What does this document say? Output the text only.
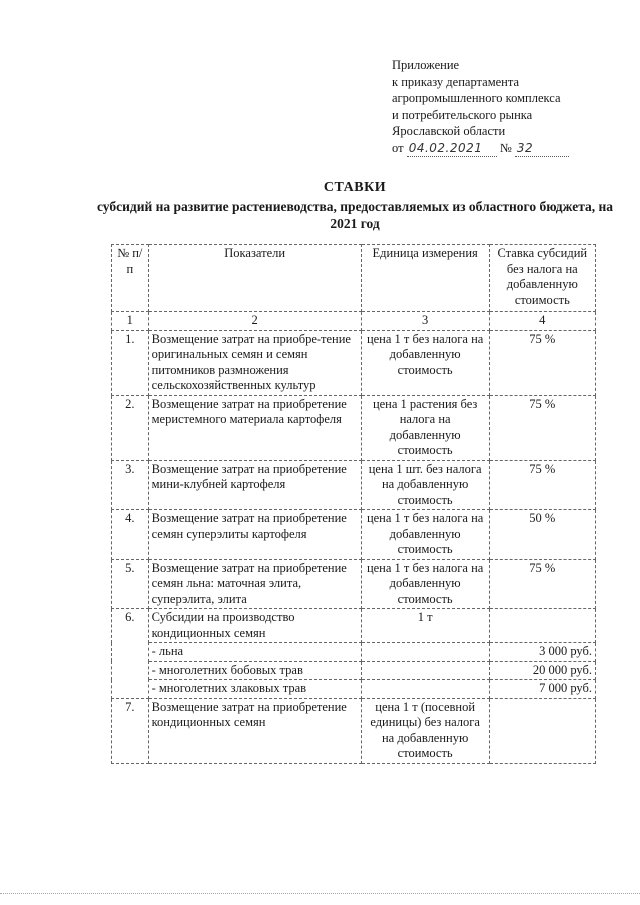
Приложение
к приказу департамента
агропромышленного комплекса
и потребительского рынка
Ярославской области
от 04.02.2021 № 32
СТАВКИ
субсидий на развитие растениеводства, предоставляемых из областного бюджета, на 2021 год
№ п/п	Показатели	Единица измерения	Ставка субсидий без налога на добавленную стоимость
1	2	3	4
1.	Возмещение затрат на приобре-тение оригинальных семян и семян питомников размножения сельскохозяйственных культур	цена 1 т без налога на добавленную стоимость	75 %
2.	Возмещение затрат на приобретение меристемного материала картофеля	цена 1 растения без налога на добавленную стоимость	75 %
3.	Возмещение затрат на приобретение мини-клубней картофеля	цена 1 шт. без налога на добавленную стоимость	75 %
4.	Возмещение затрат на приобретение семян суперэлиты картофеля	цена 1 т без налога на добавленную стоимость	50 %
5.	Возмещение затрат на приобретение семян льна: маточная элита, суперэлита, элита	цена 1 т без налога на добавленную стоимость	75 %
6.	Субсидии на производство кондиционных семян	1 т	
	- льна		3 000 руб.
	- многолетних бобовых трав		20 000 руб.
	- многолетних злаковых трав		7 000 руб.
7.	Возмещение затрат на приобретение кондиционных семян	цена 1 т (посевной единицы) без налога на добавленную стоимость	
